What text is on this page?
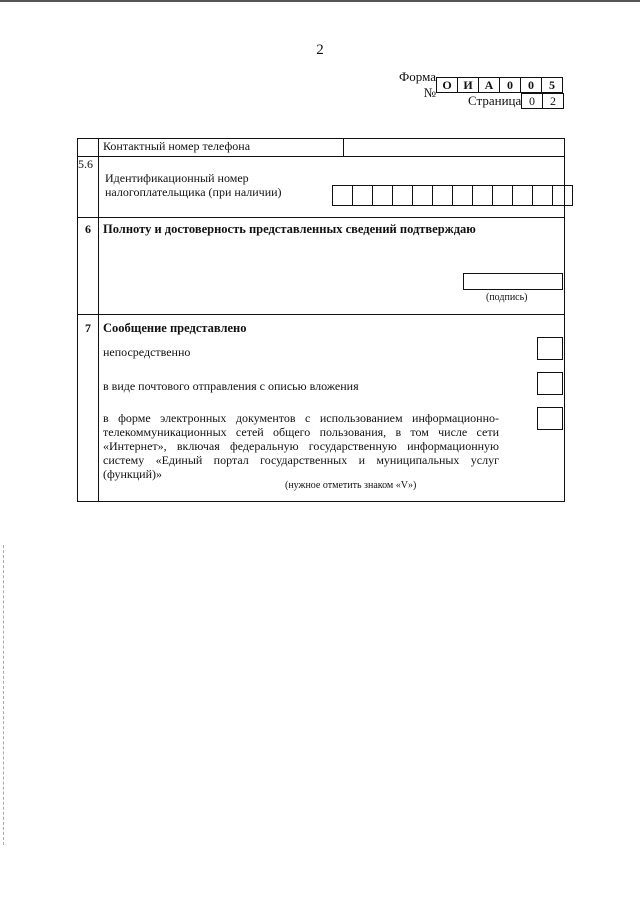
2
Форма № О И А	0	0	5
Страница 0	2
	Контактный номер телефона	
5.6	Идентификационный номер
налогоплательщика (при наличии)	

6	Полноту и достоверность представленных сведений подтверждаю
(подпись)	

7	Сообщение представлено
непосредственно
в виде почтового отправления с описью вложения
в форме электронных документов с использованием информационно-телекоммуникационных сетей общего пользования, в том числе сети «Интернет», включая федеральную государственную информационную систему «Единый портал государственных и муниципальных услуг (функций)»
(нужное отметить знаком «V»)	
